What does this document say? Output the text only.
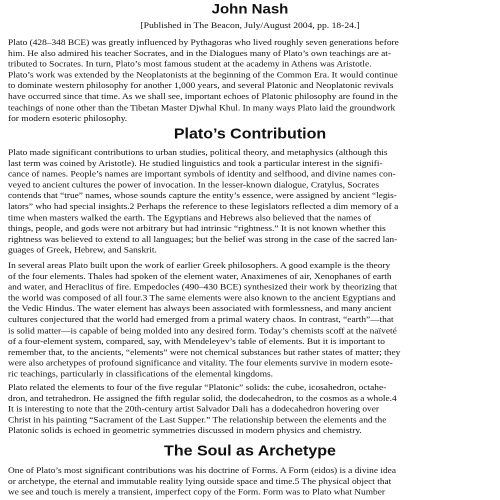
John Nash
[Published in The Beacon, July/August 2004, pp. 18-24.]
Plato (428–348 BCE) was greatly influenced by Pythagoras who lived roughly seven generations before
him. He also admired his teacher Socrates, and in the Dialogues many of Plato’s own teachings are at-
tributed to Socrates. In turn, Plato’s most famous student at the academy in Athens was Aristotle.
Plato’s work was extended by the Neoplatonists at the beginning of the Common Era. It would continue
to dominate western philosophy for another 1,000 years, and several Platonic and Neoplatonic revivals
have occurred since that time. As we shall see, important echoes of Platonic philosophy are found in the
teachings of none other than the Tibetan Master Djwhal Khul. In many ways Plato laid the groundwork
for modern esoteric philosophy.
Plato’s Contribution
Plato made significant contributions to urban studies, political theory, and metaphysics (although this
last term was coined by Aristotle). He studied linguistics and took a particular interest in the signifi-
cance of names. People’s names are important symbols of identity and selfhood, and divine names con-
veyed to ancient cultures the power of invocation. In the lesser-known dialogue, Cratylus, Socrates
contends that “true” names, whose sounds capture the entity’s essence, were assigned by ancient “legis-
lators” who had special insights.2 Perhaps the reference to these legislators reflected a dim memory of a
time when masters walked the earth. The Egyptians and Hebrews also believed that the names of
things, people, and gods were not arbitrary but had intrinsic “rightness.” It is not known whether this
rightness was believed to extend to all languages; but the belief was strong in the case of the sacred lan-
guages of Greek, Hebrew, and Sanskrit.
In several areas Plato built upon the work of earlier Greek philosophers. A good example is the theory
of the four elements. Thales had spoken of the element water, Anaximenes of air, Xenophanes of earth
and water, and Heraclitus of fire. Empedocles (490–430 BCE) synthesized their work by theorizing that
the world was composed of all four.3 The same elements were also known to the ancient Egyptians and
the Vedic Hindus. The water element has always been associated with formlessness, and many ancient
cultures conjectured that the world had emerged from a primal watery chaos. In contrast, “earth”—that
is solid matter—is capable of being molded into any desired form. Today’s chemists scoff at the naïveté
of a four-element system, compared, say, with Mendeleyev’s table of elements. But it is important to
remember that, to the ancients, “elements” were not chemical substances but rather states of matter; they
were also archetypes of profound significance and vitality. The four elements survive in modern esote-
ric teachings, particularly in classifications of the elemental kingdoms.
Plato related the elements to four of the five regular “Platonic” solids: the cube, icosahedron, octahe-
dron, and tetrahedron. He assigned the fifth regular solid, the dodecahedron, to the cosmos as a whole.4
It is interesting to note that the 20th-century artist Salvador Dali has a dodecahedron hovering over
Christ in his painting “Sacrament of the Last Supper.” The relationship between the elements and the
Platonic solids is echoed in geometric symmetries discussed in modern physics and chemistry.
The Soul as Archetype
One of Plato’s most significant contributions was his doctrine of Forms. A Form (eidos) is a divine idea
or archetype, the eternal and immutable reality lying outside space and time.5 The physical object that
we see and touch is merely a transient, imperfect copy of the Form. Form was to Plato what Number
